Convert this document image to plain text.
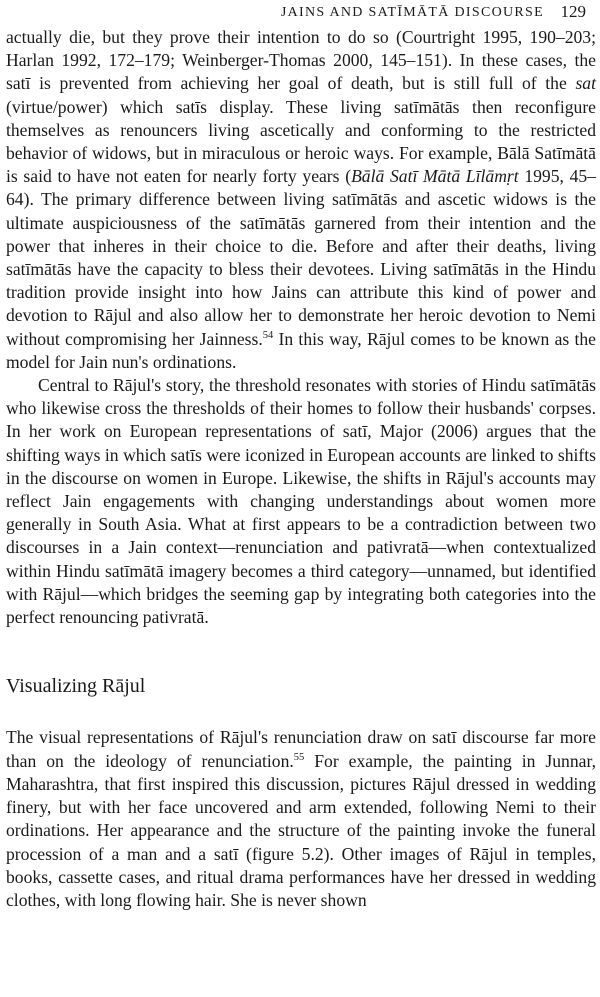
JAINS AND SATĪMĀTĀ DISCOURSE 129

actually die, but they prove their intention to do so (Courtright 1995, 190–203; Harlan 1992, 172–179; Weinberger-Thomas 2000, 145–151). In these cases, the satī is prevented from achieving her goal of death, but is still full of the sat (virtue/power) which satīs display. These living satīmātās then reconfigure themselves as renouncers living ascetically and conforming to the restricted behavior of widows, but in miraculous or heroic ways. For example, Bālā Satīmātā is said to have not eaten for nearly forty years (Bālā Satī Mātā Līlāmṛt 1995, 45–64). The primary difference between living satīmātās and ascetic widows is the ultimate auspiciousness of the satīmātās garnered from their intention and the power that inheres in their choice to die. Before and after their deaths, living satīmātās have the capacity to bless their devotees. Living satīmātās in the Hindu tradition provide insight into how Jains can attribute this kind of power and devotion to Rājul and also allow her to demonstrate her heroic devotion to Nemi without compromising her Jainness.$^{54}$ In this way, Rājul comes to be known as the model for Jain nun's ordinations.

Central to Rājul's story, the threshold resonates with stories of Hindu satīmātās who likewise cross the thresholds of their homes to follow their husbands' corpses. In her work on European representations of satī, Major (2006) argues that the shifting ways in which satīs were iconized in European accounts are linked to shifts in the discourse on women in Europe. Likewise, the shifts in Rājul's accounts may reflect Jain engagements with changing understandings about women more generally in South Asia. What at first appears to be a contradiction between two discourses in a Jain context—renunciation and pativratā—when contextualized within Hindu satīmātā imagery becomes a third category—unnamed, but identified with Rājul—which bridges the seeming gap by integrating both categories into the perfect renouncing pativratā.

Visualizing Rājul

The visual representations of Rājul's renunciation draw on satī discourse far more than on the ideology of renunciation.$^{55}$ For example, the painting in Junnar, Maharashtra, that first inspired this discussion, pictures Rājul dressed in wedding finery, but with her face uncovered and arm extended, following Nemi to their ordinations. Her appearance and the structure of the painting invoke the funeral procession of a man and a satī (figure 5.2). Other images of Rājul in temples, books, cassette cases, and ritual drama performances have her dressed in wedding clothes, with long flowing hair. She is never shown
